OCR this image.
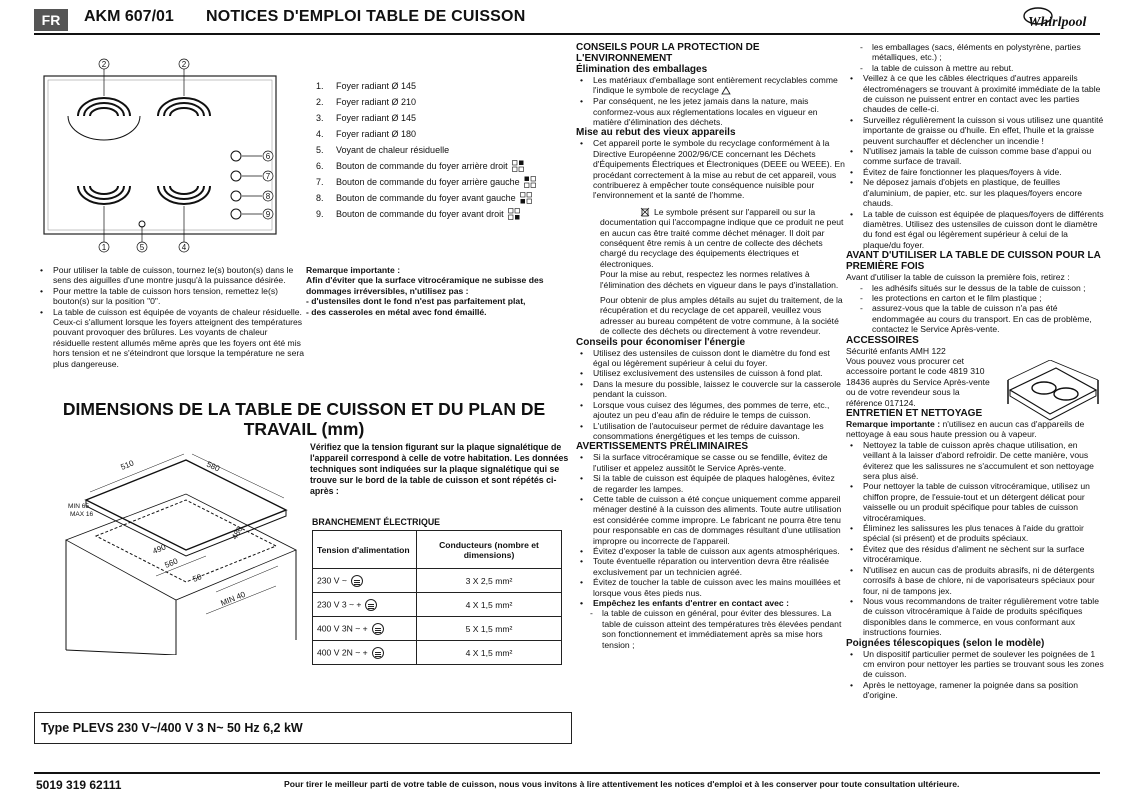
FR	AKM 607/01 NOTICES D'EMPLOI TABLE DE CUISSON	Whirlpool
2	2
1	5	4
6
7
8
9
1.	Foyer radiant Ø 145
2.	Foyer radiant Ø 210
3.	Foyer radiant Ø 145
4.	Foyer radiant Ø 180
5.	Voyant de chaleur résiduelle
6.	Bouton de commande du foyer arrière droit
7.	Bouton de commande du foyer arrière gauche
8.	Bouton de commande du foyer avant gauche
9.	Bouton de commande du foyer avant droit
• Pour utiliser la table de cuisson, tournez le(s) bouton(s) dans le sens des aiguilles d'une montre jusqu'à la puissance désirée.
• Pour mettre la table de cuisson hors tension, remettez le(s) bouton(s) sur la position "0".
• La table de cuisson est équipée de voyants de chaleur résiduelle. Ceux-ci s'allument lorsque les foyers atteignent des températures pouvant provoquer des brûlures. Les voyants de chaleur résiduelle restent allumés même après que les foyers ont été mis hors tension et ne s'éteindront que lorsque la température ne sera plus dangereuse.
Remarque importante :
Afin d'éviter que la surface vitrocéramique ne subisse des dommages irréversibles, n'utilisez pas :
- d'ustensiles dont le fond n'est pas parfaitement plat,
- des casseroles en métal avec fond émaillé.
DIMENSIONS DE LA TABLE DE CUISSON ET DU PLAN DE TRAVAIL (mm)
580
510
560
480
490
50
MIN 40
MIN 65
MAX 16
Vérifiez que la tension figurant sur la plaque signalétique de l'appareil correspond à celle de votre habitation. Les données techniques sont indiquées sur la plaque signalétique qui se trouve sur le bord de la table de cuisson et sont répétés ci-après :
BRANCHEMENT ÉLECTRIQUE
Tension d'alimentation	Conducteurs (nombre et dimensions)
230 V ~	3 X 2,5 mm²
230 V 3 ~ +	4 X 1,5 mm²
400 V 3N ~ +	5 X 1,5 mm²
400 V 2N ~ +	4 X 1,5 mm²
Type PLEVS 230 V~/400 V 3 N~ 50 Hz 6,2 kW
CONSEILS POUR LA PROTECTION DE L'ENVIRONNEMENT
Élimination des emballages
• Les matériaux d'emballage sont entièrement recyclables comme l'indique le symbole de recyclage
• Par conséquent, ne les jetez jamais dans la nature, mais conformez-vous aux réglementations locales en vigueur en matière d'élimination des déchets.
Mise au rebut des vieux appareils
• Cet appareil porte le symbole du recyclage conformément à la Directive Européenne 2002/96/CE concernant les Déchets d'Équipements Électriques et Électroniques (DEEE ou WEEE). En procédant correctement à la mise au rebut de cet appareil, vous contribuerez à empêcher toute conséquence nuisible pour l'environnement et la santé de l'homme.
Le symbole présent sur l'appareil ou sur la documentation qui l'accompagne indique que ce produit ne peut en aucun cas être traité comme déchet ménager. Il doit par conséquent être remis à un centre de collecte des déchets chargé du recyclage des équipements électriques et électroniques.
Pour la mise au rebut, respectez les normes relatives à l'élimination des déchets en vigueur dans le pays d'installation.
Pour obtenir de plus amples détails au sujet du traitement, de la récupération et du recyclage de cet appareil, veuillez vous adresser au bureau compétent de votre commune, à la société de collecte des déchets ou directement à votre revendeur.
Conseils pour économiser l'énergie
• Utilisez des ustensiles de cuisson dont le diamètre du fond est égal ou légèrement supérieur à celui du foyer.
• Utilisez exclusivement des ustensiles de cuisson à fond plat.
• Dans la mesure du possible, laissez le couvercle sur la casserole pendant la cuisson.
• Lorsque vous cuisez des légumes, des pommes de terre, etc., ajoutez un peu d'eau afin de réduire le temps de cuisson.
• L'utilisation de l'autocuiseur permet de réduire davantage les consommations énergétiques et les temps de cuisson.
AVERTISSEMENTS PRÉLIMINAIRES
• Si la surface vitrocéramique se casse ou se fendille, évitez de l'utiliser et appelez aussitôt le Service Après-vente.
• Si la table de cuisson est équipée de plaques halogènes, évitez de regarder les lampes.
• Cette table de cuisson a été conçue uniquement comme appareil ménager destiné à la cuisson des aliments. Toute autre utilisation est considérée comme impropre. Le fabricant ne pourra être tenu pour responsable en cas de dommages résultant d'une utilisation impropre ou incorrecte de l'appareil.
• Évitez d'exposer la table de cuisson aux agents atmosphériques.
• Toute éventuelle réparation ou intervention devra être réalisée exclusivement par un technicien agréé.
• Évitez de toucher la table de cuisson avec les mains mouillées et lorsque vous êtes pieds nus.
• Empêchez les enfants d'entrer en contact avec :
- la table de cuisson en général, pour éviter des blessures. La table de cuisson atteint des températures très élevées pendant son fonctionnement et immédiatement après sa mise hors tension ;
- les emballages (sacs, éléments en polystyrène, parties métalliques, etc.) ;
- la table de cuisson à mettre au rebut.
• Veillez à ce que les câbles électriques d'autres appareils électroménagers se trouvant à proximité immédiate de la table de cuisson ne puissent entrer en contact avec les parties chaudes de celle-ci.
• Surveillez régulièrement la cuisson si vous utilisez une quantité importante de graisse ou d'huile. En effet, l'huile et la graisse peuvent surchauffer et déclencher un incendie !
• N'utilisez jamais la table de cuisson comme base d'appui ou comme surface de travail.
• Évitez de faire fonctionner les plaques/foyers à vide.
• Ne déposez jamais d'objets en plastique, de feuilles d'aluminium, de papier, etc. sur les plaques/foyers encore chauds.
• La table de cuisson est équipée de plaques/foyers de différents diamètres. Utilisez des ustensiles de cuisson dont le diamètre du fond est égal ou légèrement supérieur à celui de la plaque/du foyer.
AVANT D'UTILISER LA TABLE DE CUISSON POUR LA PREMIÈRE FOIS
Avant d'utiliser la table de cuisson la première fois, retirez :
- les adhésifs situés sur le dessus de la table de cuisson ;
- les protections en carton et le film plastique ;
- assurez-vous que la table de cuisson n'a pas été endommagée au cours du transport. En cas de problème, contactez le Service Après-vente.
ACCESSOIRES
Sécurité enfants AMH 122
Vous pouvez vous procurer cet accessoire portant le code 4819 310 18436 auprès du Service Après-vente ou de votre revendeur sous la référence 017124.
ENTRETIEN ET NETTOYAGE
Remarque importante : n'utilisez en aucun cas d'appareils de nettoyage à eau sous haute pression ou à vapeur.
• Nettoyez la table de cuisson après chaque utilisation, en veillant à la laisser d'abord refroidir. De cette manière, vous éviterez que les salissures ne s'accumulent et son nettoyage sera plus aisé.
• Pour nettoyer la table de cuisson vitrocéramique, utilisez un chiffon propre, de l'essuie-tout et un détergent délicat pour vaisselle ou un produit spécifique pour tables de cuisson vitrocéramiques.
• Éliminez les salissures les plus tenaces à l'aide du grattoir spécial (si présent) et de produits spéciaux.
• Évitez que des résidus d'aliment ne sèchent sur la surface vitrocéramique.
• N'utilisez en aucun cas de produits abrasifs, ni de détergents corrosifs à base de chlore, ni de vaporisateurs spéciaux pour four, ni de tampons jex.
• Nous vous recommandons de traiter régulièrement votre table de cuisson vitrocéramique à l'aide de produits spécifiques disponibles dans le commerce, en vous conformant aux instructions fournies.
Poignées télescopiques (selon le modèle)
• Un dispositif particulier permet de soulever les poignées de 1 cm environ pour nettoyer les parties se trouvant sous les zones de cuisson.
• Après le nettoyage, ramener la poignée dans sa position d'origine.
5019 319 62111	Pour tirer le meilleur parti de votre table de cuisson, nous vous invitons à lire attentivement les notices d'emploi et à les conserver pour toute consultation ultérieure.
